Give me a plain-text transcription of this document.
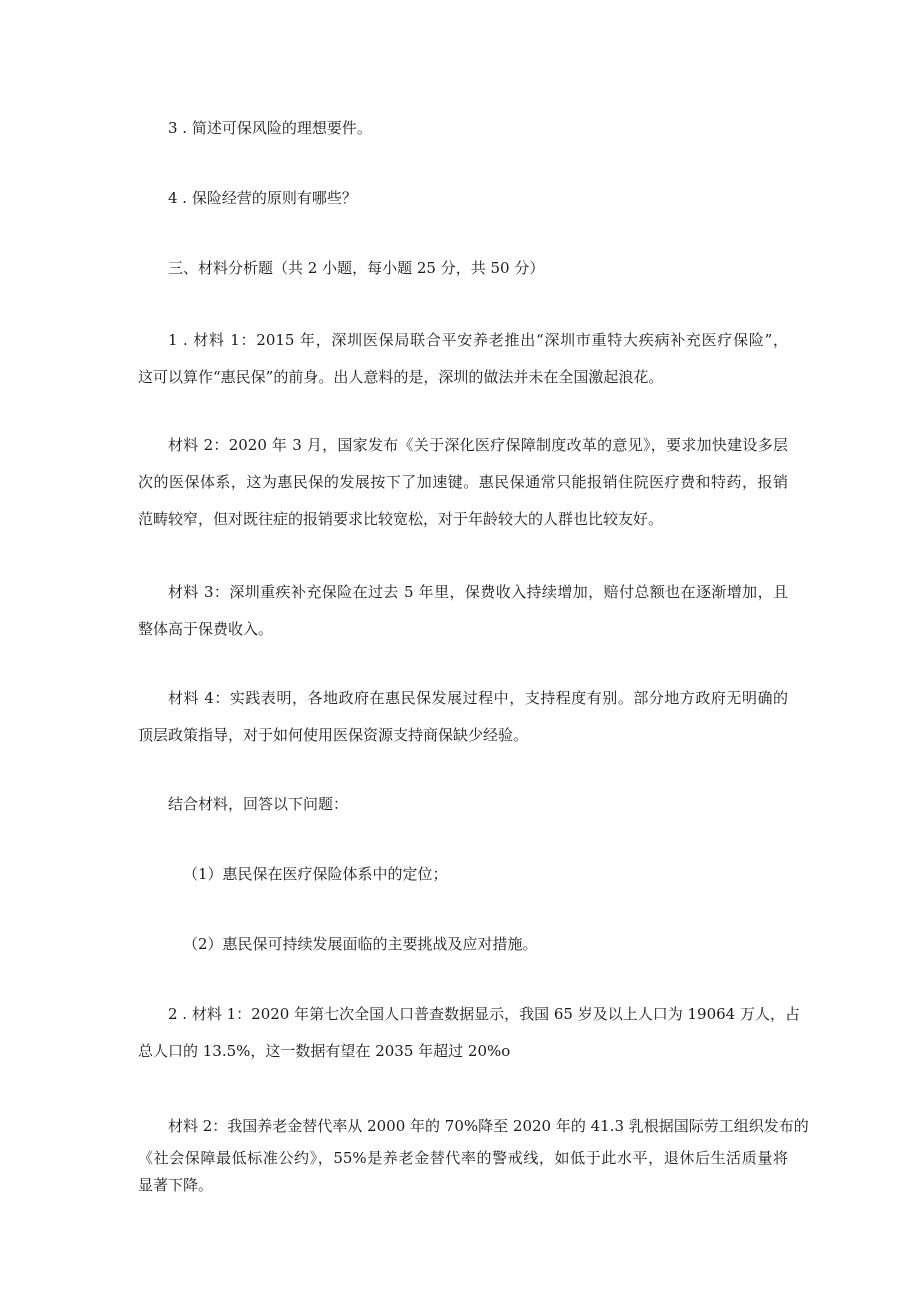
3 . 简述可保风险的理想要件。

4 . 保险经营的原则有哪些？

三、材料分析题（共 2 小题，每小题 25 分，共 50 分）

1 . 材料 1：2015 年，深圳医保局联合平安养老推出“深圳市重特大疾病补充医疗保险”，
这可以算作“惠民保”的前身。出人意料的是，深圳的做法并未在全国激起浪花。

材料 2：2020 年 3 月，国家发布《关于深化医疗保障制度改革的意见》，要求加快建设多层
次的医保体系，这为惠民保的发展按下了加速键。惠民保通常只能报销住院医疗费和特药，报销
范畴较窄，但对既往症的报销要求比较宽松，对于年龄较大的人群也比较友好。

材料 3：深圳重疾补充保险在过去 5 年里，保费收入持续增加，赔付总额也在逐渐增加，且
整体高于保费收入。

材料 4：实践表明，各地政府在惠民保发展过程中，支持程度有别。部分地方政府无明确的
顶层政策指导，对于如何使用医保资源支持商保缺少经验。

结合材料，回答以下问题：

（1）惠民保在医疗保险体系中的定位；

（2）惠民保可持续发展面临的主要挑战及应对措施。

2 . 材料 1：2020 年第七次全国人口普查数据显示，我国 65 岁及以上人口为 19064 万人，占
总人口的 13.5%，这一数据有望在 2035 年超过 20%o

材料 2：我国养老金替代率从 2000 年的 70%降至 2020 年的 41.3 乳根据国际劳工组织发布的
《社会保障最低标准公约》，55%是养老金替代率的警戒线，如低于此水平，退休后生活质量将
显著下降。
